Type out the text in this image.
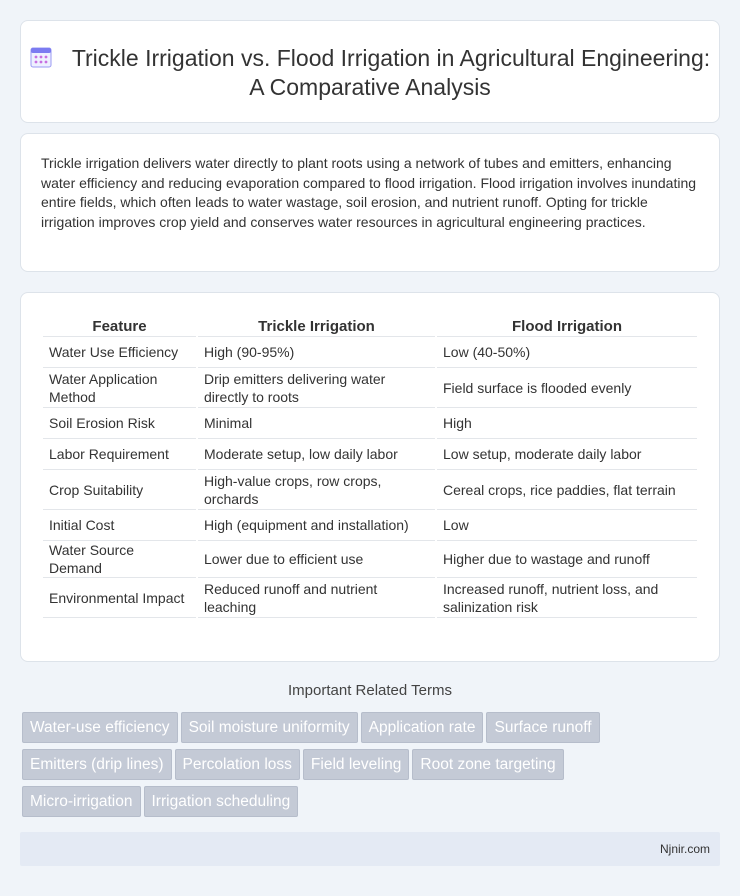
Trickle Irrigation vs. Flood Irrigation in Agricultural Engineering: A Comparative Analysis

Trickle irrigation delivers water directly to plant roots using a network of tubes and emitters, enhancing water efficiency and reducing evaporation compared to flood irrigation. Flood irrigation involves inundating entire fields, which often leads to water wastage, soil erosion, and nutrient runoff. Opting for trickle irrigation improves crop yield and conserves water resources in agricultural engineering practices.

Feature	Trickle Irrigation	Flood Irrigation
Water Use Efficiency	High (90-95%)	Low (40-50%)
Water Application Method	Drip emitters delivering water directly to roots	Field surface is flooded evenly
Soil Erosion Risk	Minimal	High
Labor Requirement	Moderate setup, low daily labor	Low setup, moderate daily labor
Crop Suitability	High-value crops, row crops, orchards	Cereal crops, rice paddies, flat terrain
Initial Cost	High (equipment and installation)	Low
Water Source Demand	Lower due to efficient use	Higher due to wastage and runoff
Environmental Impact	Reduced runoff and nutrient leaching	Increased runoff, nutrient loss, and salinization risk
Important Related Terms
Water-use efficiency Soil moisture uniformity Application rate Surface runoff
Emitters (drip lines) Percolation loss Field leveling Root zone targeting
Micro-irrigation Irrigation scheduling
Njnir.com
